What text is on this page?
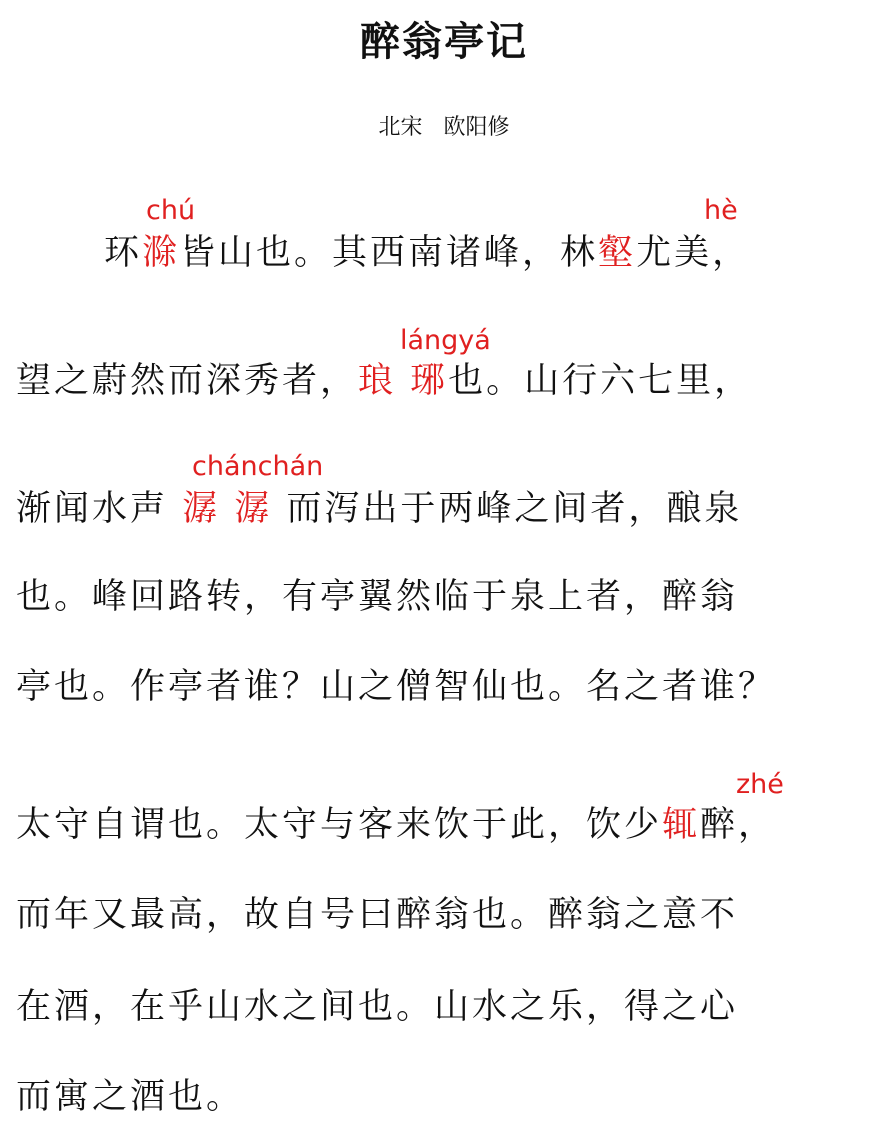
醉翁亭记
北宋 欧阳修
chú	hè
lángyá
chánchán
zhé
环滁皆山也。其西南诸峰，林壑尤美，
望之蔚然而深秀者，琅 琊也。山行六七里，
渐闻水声 潺 潺 而泻出于两峰之间者，酿泉
也。峰回路转，有亭翼然临于泉上者，醉翁
亭也。作亭者谁？山之僧智仙也。名之者谁？
太守自谓也。太守与客来饮于此，饮少辄醉，
而年又最高，故自号曰醉翁也。醉翁之意不
在酒，在乎山水之间也。山水之乐，得之心
而寓之酒也。
